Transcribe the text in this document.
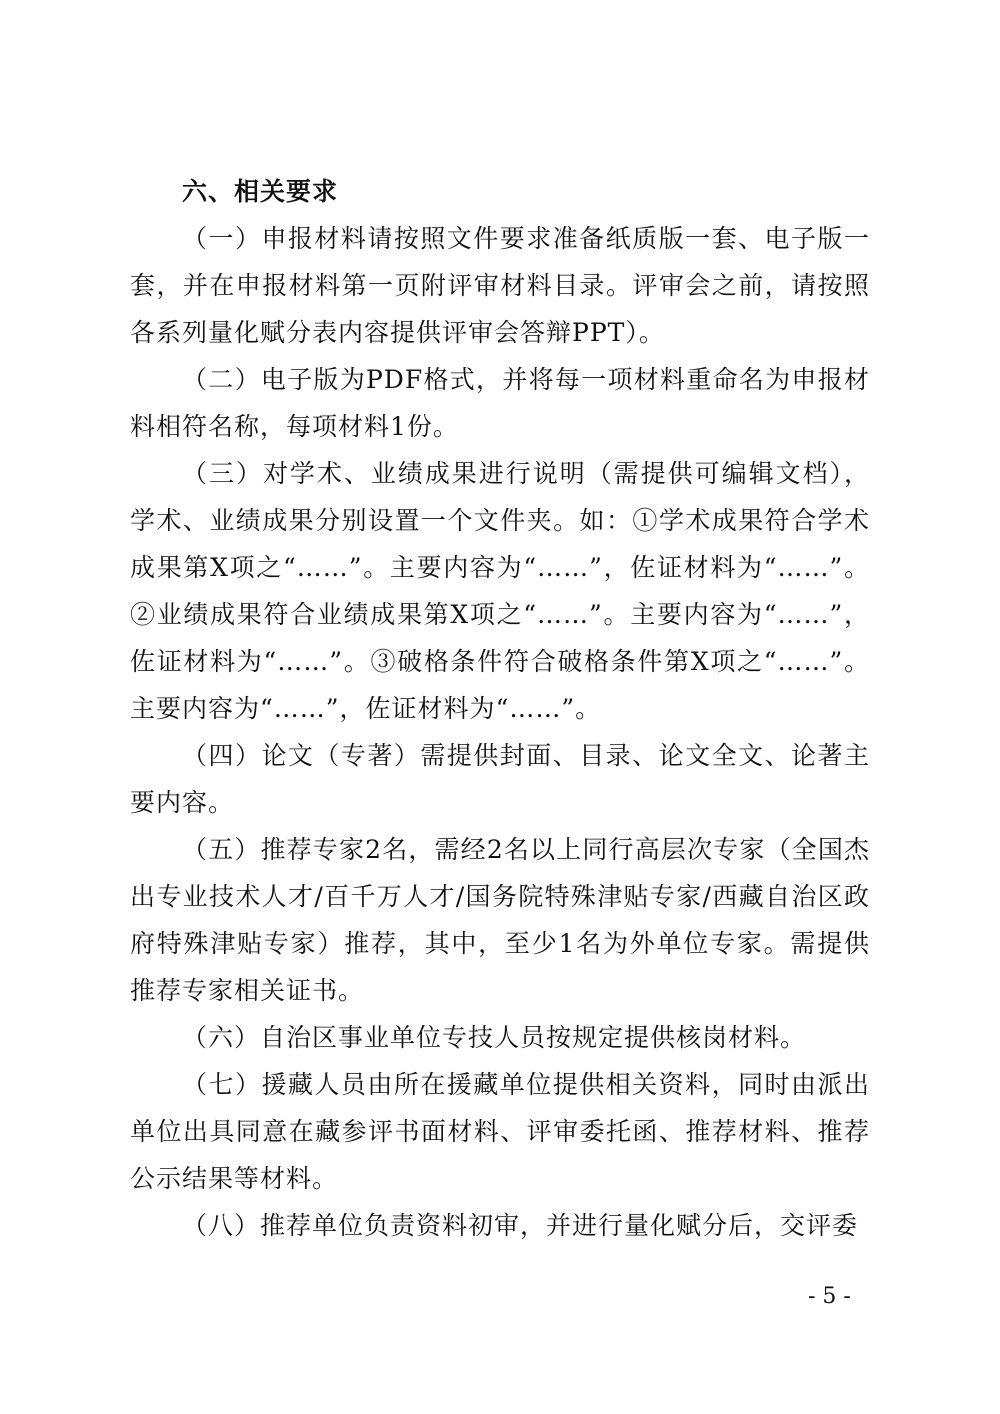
六、相关要求

（一）申报材料请按照文件要求准备纸质版一套、电子版一套，并在申报材料第一页附评审材料目录。评审会之前，请按照各系列量化赋分表内容提供评审会答辩PPT）。

（二）电子版为PDF格式，并将每一项材料重命名为申报材料相符名称，每项材料1份。

（三）对学术、业绩成果进行说明（需提供可编辑文档），学术、业绩成果分别设置一个文件夹。如：①学术成果符合学术成果第X项之“……”。主要内容为“……”，佐证材料为“……”。②业绩成果符合业绩成果第X项之“……”。主要内容为“……”，佐证材料为“……”。③破格条件符合破格条件第X项之“……”。主要内容为“……”，佐证材料为“……”。

（四）论文（专著）需提供封面、目录、论文全文、论著主要内容。

（五）推荐专家2名，需经2名以上同行高层次专家（全国杰出专业技术人才/百千万人才/国务院特殊津贴专家/西藏自治区政府特殊津贴专家）推荐，其中，至少1名为外单位专家。需提供推荐专家相关证书。

（六）自治区事业单位专技人员按规定提供核岗材料。

（七）援藏人员由所在援藏单位提供相关资料，同时由派出单位出具同意在藏参评书面材料、评审委托函、推荐材料、推荐公示结果等材料。

（八）推荐单位负责资料初审，并进行量化赋分后，交评委

- 5 -
